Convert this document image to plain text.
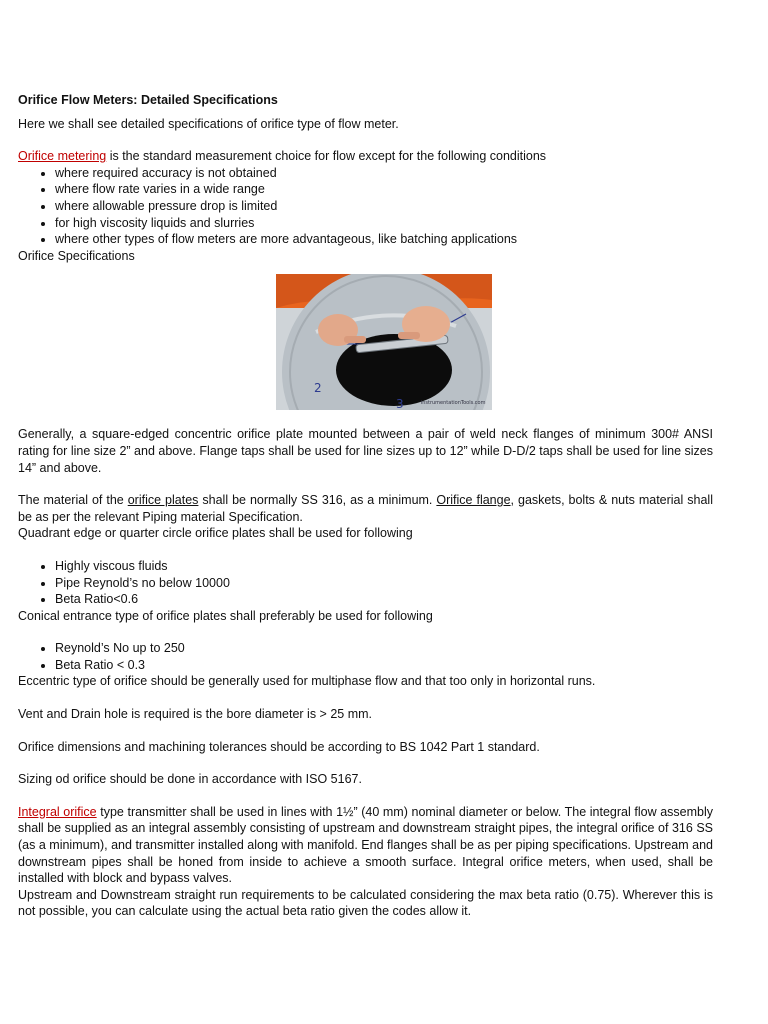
Orifice Flow Meters: Detailed Specifications

Here we shall see detailed specifications of orifice type of flow meter.

Orifice metering is the standard measurement choice for flow except for the following conditions

• where required accuracy is not obtained
• where flow rate varies in a wide range
• where allowable pressure drop is limited
• for high viscosity liquids and slurries
• where other types of flow meters are more advantageous, like batching applications

Orifice Specifications

2
3	InstrumentationTools.com

Generally, a square-edged concentric orifice plate mounted between a pair of weld neck flanges of minimum 300# ANSI rating for line size 2” and above. Flange taps shall be used for line sizes up to 12” while D-D/2 taps shall be used for line sizes 14” and above.

The material of the orifice plates shall be normally SS 316, as a minimum. Orifice flange, gaskets, bolts & nuts material shall be as per the relevant Piping material Specification.

Quadrant edge or quarter circle orifice plates shall be used for following

• Highly viscous fluids
• Pipe Reynold’s no below 10000
• Beta Ratio<0.6

Conical entrance type of orifice plates shall preferably be used for following

• Reynold’s No up to 250
• Beta Ratio < 0.3

Eccentric type of orifice should be generally used for multiphase flow and that too only in horizontal runs.

Vent and Drain hole is required is the bore diameter is > 25 mm.

Orifice dimensions and machining tolerances should be according to BS 1042 Part 1 standard.

Sizing od orifice should be done in accordance with ISO 5167.

Integral orifice type transmitter shall be used in lines with 1½” (40 mm) nominal diameter or below. The integral flow assembly shall be supplied as an integral assembly consisting of upstream and downstream straight pipes, the integral orifice of 316 SS (as a minimum), and transmitter installed along with manifold. End flanges shall be as per piping specifications. Upstream and downstream pipes shall be honed from inside to achieve a smooth surface. Integral orifice meters, when used, shall be installed with block and bypass valves.

Upstream and Downstream straight run requirements to be calculated considering the max beta ratio (0.75). Wherever this is not possible, you can calculate using the actual beta ratio given the codes allow it.
